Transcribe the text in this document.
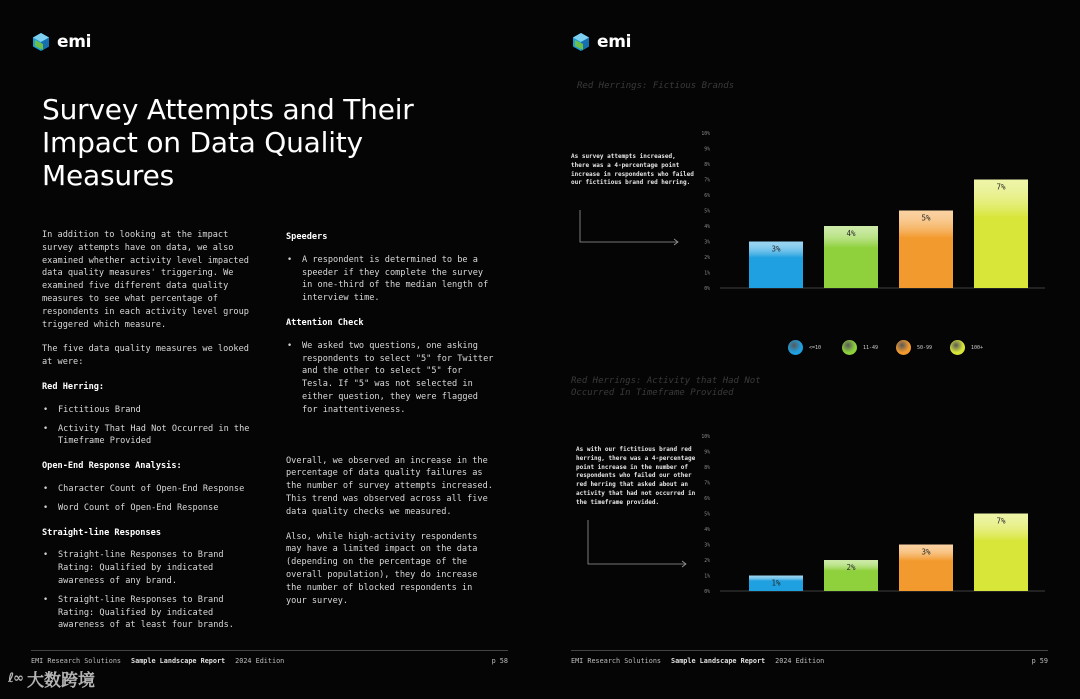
emi
Survey Attempts and Their Impact on Data Quality Measures

In addition to looking at the impact survey attempts have on data, we also examined whether activity level impacted data quality measures' triggering. We examined five different data quality measures to see what percentage of respondents in each activity level group triggered which measure.

The five data quality measures we looked at were:

Red Herring:
• Fictitious Brand
• Activity That Had Not Occurred in the Timeframe Provided
Open-End Response Analysis:
• Character Count of Open-End Response
• Word Count of Open-End Response
Straight-line Responses
• Straight-line Responses to Brand Rating: Qualified by indicated awareness of any brand.
• Straight-line Responses to Brand Rating: Qualified by indicated awareness of at least four brands.
Speeders
• A respondent is determined to be a speeder if they complete the survey in one-third of the median length of interview time.
Attention Check
• We asked two questions, one asking respondents to select "5" for Twitter and the other to select "5" for Tesla. If "5" was not selected in either question, they were flagged for inattentiveness.

Overall, we observed an increase in the percentage of data quality failures as the number of survey attempts increased. This trend was observed across all five data quality checks we measured.

Also, while high-activity respondents may have a limited impact on the data (depending on the percentage of the overall population), they do increase the number of blocked respondents in your survey.

EMI Research Solutions Sample Landscape Report 2024 Edition	p 58
emi
Red Herrings: Fictious Brands
As survey attempts increased, there was a 4-percentage point increase in respondents who failed our fictitious brand red herring.
0%
1%
2%
3%
4%
5%
6%
7%
8%
9%
10%
3%
4%
5%
7%
<=10	11-49	50-99	100+
Red Herrings: Activity that Had Not Occurred In Timeframe Provided
As with our fictitious brand red herring, there was a 4-percentage point increase in the number of respondents who failed our other red herring that asked about an activity that had not occurred in the timeframe provided.
0%
1%
2%
3%
4%
5%
6%
7%
8%
9%
10%
1%
2%
3%
7%
EMI Research Solutions Sample Landscape Report 2024 Edition	p 59
ℓ∞ 大数跨境
